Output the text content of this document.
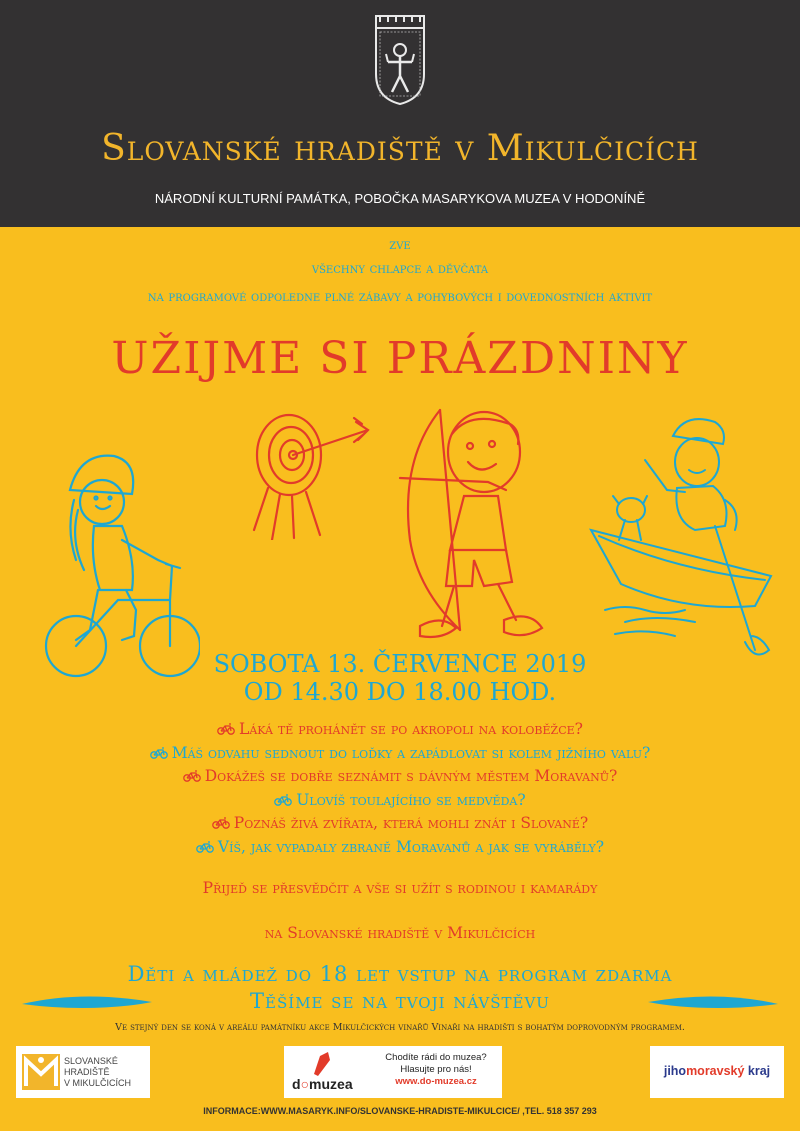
Slovanské hradiště v Mikulčicích
NÁRODNÍ KULTURNÍ PAMÁTKA, POBOČKA MASARYKOVA MUZEA V HODONÍNĚ
zve
všechny chlapce a děvčata
na programové odpoledne plné zábavy a pohybových i dovednostních aktivit
UŽIJME SI PRÁZDNINY
SOBOTA 13. ČERVENCE 2019
OD 14.30 DO 18.00 HOD.
Láká tě prohánět se po akropoli na koloběžce?
Máš odvahu sednout do loďky a zapádlovat si kolem jižního valu?
Dokážeš se dobře seznámit s dávným městem Moravanů?
Ulovíš toulajícího se medvěda?
Poznáš živá zvířata, která mohli znát i Slované?
Víš, jak vypadaly zbraně Moravanů a jak se vyráběly?
Přijeď se přesvědčit a vše si užít s rodinou i kamarády
na Slovanské hradiště v Mikulčicích
Děti a mládež do 18 let vstup na program zdarma
Těšíme se na tvoji návštěvu
Ve stejný den se koná v areálu památníku akce Mikulčických vinařů Vinaři na hradišti s bohatým doprovodným programem.
SLOVANSKÉ
HRADIŠTĚ
V MIKULČICÍCH	d○muzea
Chodíte rádi do muzea?
Hlasujte pro nás!
www.do-muzea.cz
jihomoravský kraj
INFORMACE:WWW.MASARYK.INFO/SLOVANSKE-HRADISTE-MIKULCICE/ ,TEL. 518 357 293
